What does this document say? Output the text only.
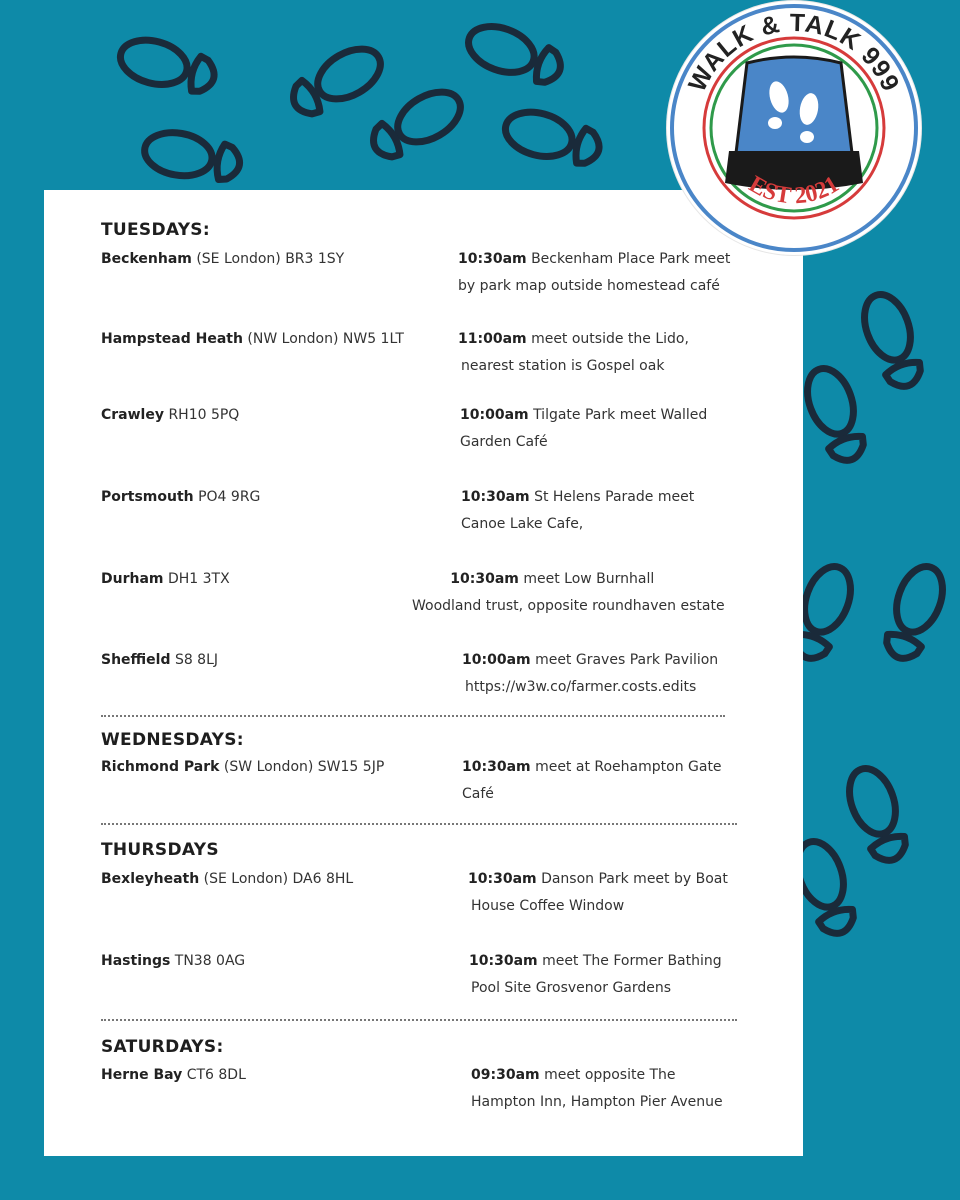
TUESDAYS:
Beckenham (SE London) BR3 1SY	10:30am Beckenham Place Park meet
by park map outside homestead café
Hampstead Heath (NW London) NW5 1LT	11:00am meet outside the Lido,
nearest station is Gospel oak
Crawley RH10 5PQ	10:00am Tilgate Park meet Walled
Garden Café
Portsmouth PO4 9RG	10:30am St Helens Parade meet
Canoe Lake Cafe,
Durham DH1 3TX	10:30am meet Low Burnhall
Woodland trust, opposite roundhaven estate
Sheffield S8 8LJ	10:00am meet Graves Park Pavilion
https://w3w.co/farmer.costs.edits
WEDNESDAYS:
Richmond Park (SW London) SW15 5JP	10:30am meet at Roehampton Gate
Café
THURSDAYS
Bexleyheath (SE London) DA6 8HL	10:30am Danson Park meet by Boat
House Coffee Window
Hastings TN38 0AG	10:30am meet The Former Bathing
Pool Site Grosvenor Gardens
SATURDAYS:
Herne Bay CT6 8DL	09:30am meet opposite The
Hampton Inn, Hampton Pier Avenue
WALK & TALK 999
EST 2021
